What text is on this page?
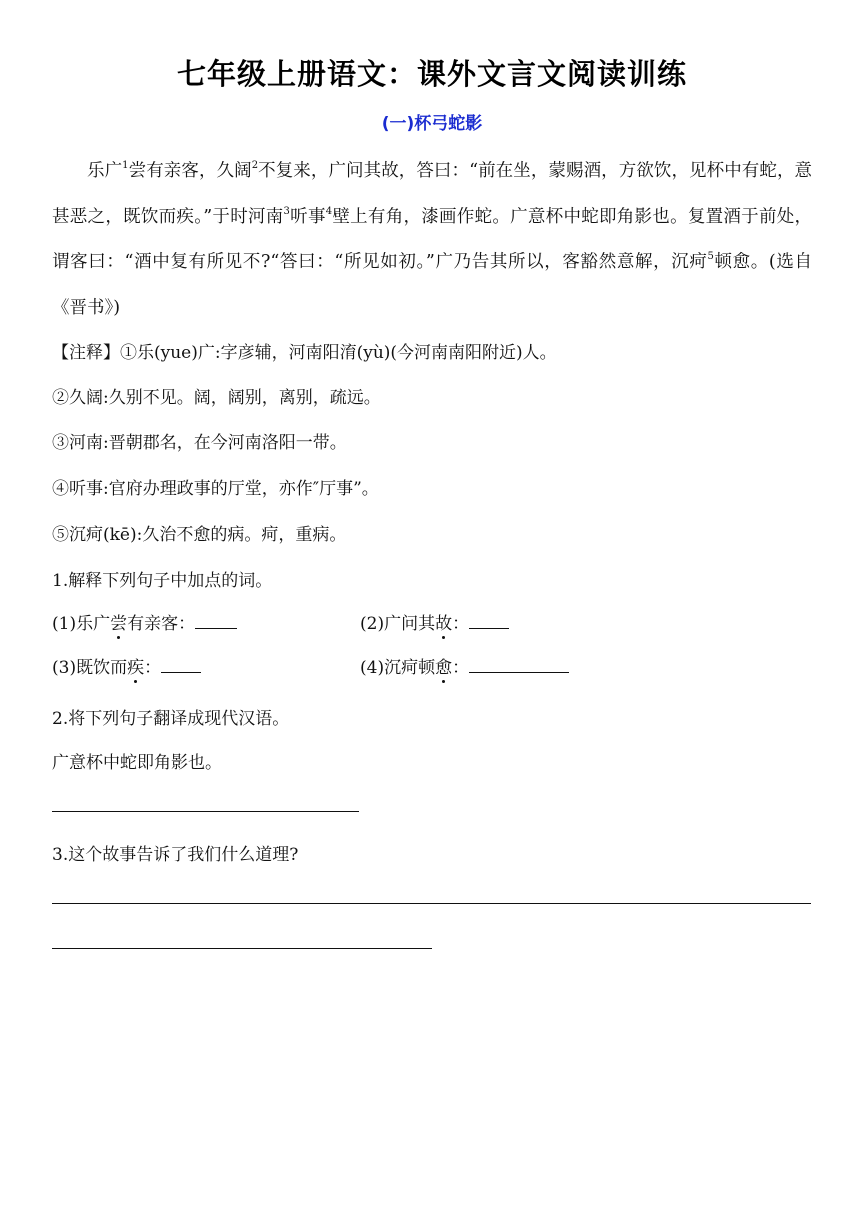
七年级上册语文：课外文言文阅读训练
(一)杯弓蛇影
乐广$^1$尝有亲客，久阔$^2$不复来，广问其故，答曰：“前在坐，蒙赐酒，方欲饮，见杯中有蛇，意甚恶之，既饮而疾。”于时河南$^3$听事$^4$壁上有角，漆画作蛇。广意杯中蛇即角影也。复置酒于前处，谓客曰：“酒中复有所见不?“答曰：“所见如初。”广乃告其所以，客豁然意解，沉疴$^5$顿愈。(选自《晋书》)
【注释】①乐(yue)广:字彦辅，河南阳淯(yù)(今河南南阳附近)人。
②久阔:久别不见。阔，阔别，离别，疏远。
③河南:晋朝郡名，在今河南洛阳一带。
④听事:官府办理政事的厅堂，亦作″厅事”。
⑤沉疴(kē):久治不愈的病。疴，重病。
1.解释下列句子中加点的词。
(1)乐广尝有亲客：	(2)广问其故：
(3)既饮而疾：	(4)沉疴顿愈：
2.将下列句子翻译成现代汉语。
广意杯中蛇即角影也。
3.这个故事告诉了我们什么道理?
